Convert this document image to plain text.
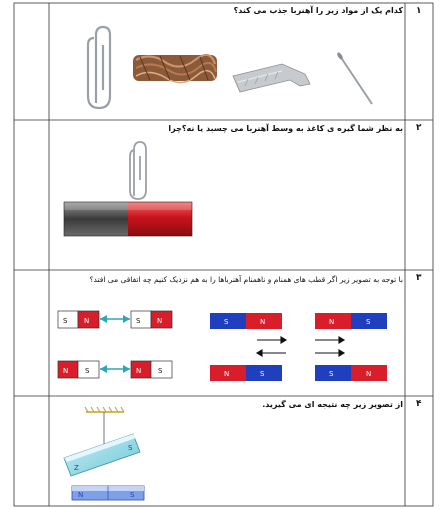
S N	S N
N S	N S
S	N	N	S
N	S	S	N
Z
S
N	S
۱
۲
۳
۴
کدام یک از مواد زیر را آهنربا جذب می کند؟
به نظر شما گیره ی کاغذ به وسط آهنربا می چسبد یا نه؟چرا
با توجه به تصویر زیر اگر قطب های همنام و ناهمنام آهنرباها را به هم نزدیک کنیم چه اتفاقی می افتد؟
از تصویر زیر چه نتیجه ای می گیرید.
